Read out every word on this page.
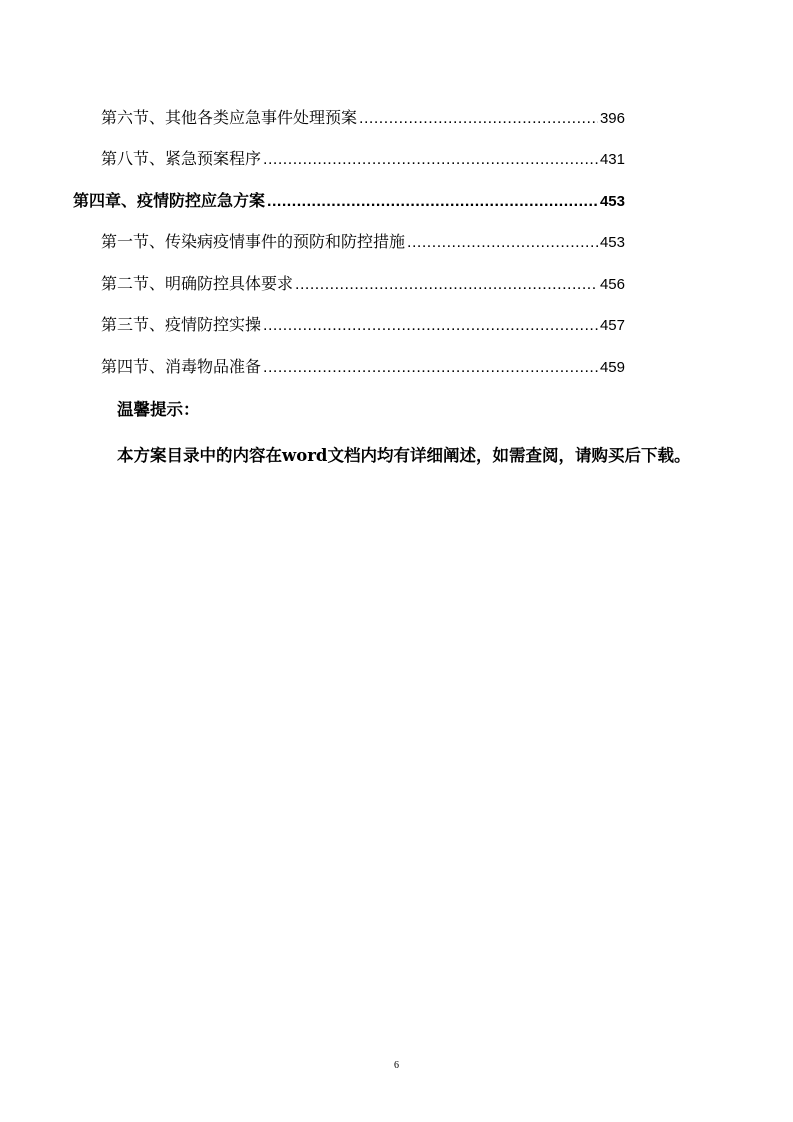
第六节、其他各类应急事件处理预案 .....	396
第八节、紧急预案程序 .....	431
第四章、疫情防控应急方案 .....	453
第一节、传染病疫情事件的预防和防控措施 .....	453
第二节、明确防控具体要求 .....	456
第三节、疫情防控实操 .....	457
第四节、消毒物品准备 .....	459
温馨提示：
本方案目录中的内容在word文档内均有详细阐述，如需查阅，请购买后下载。
6
